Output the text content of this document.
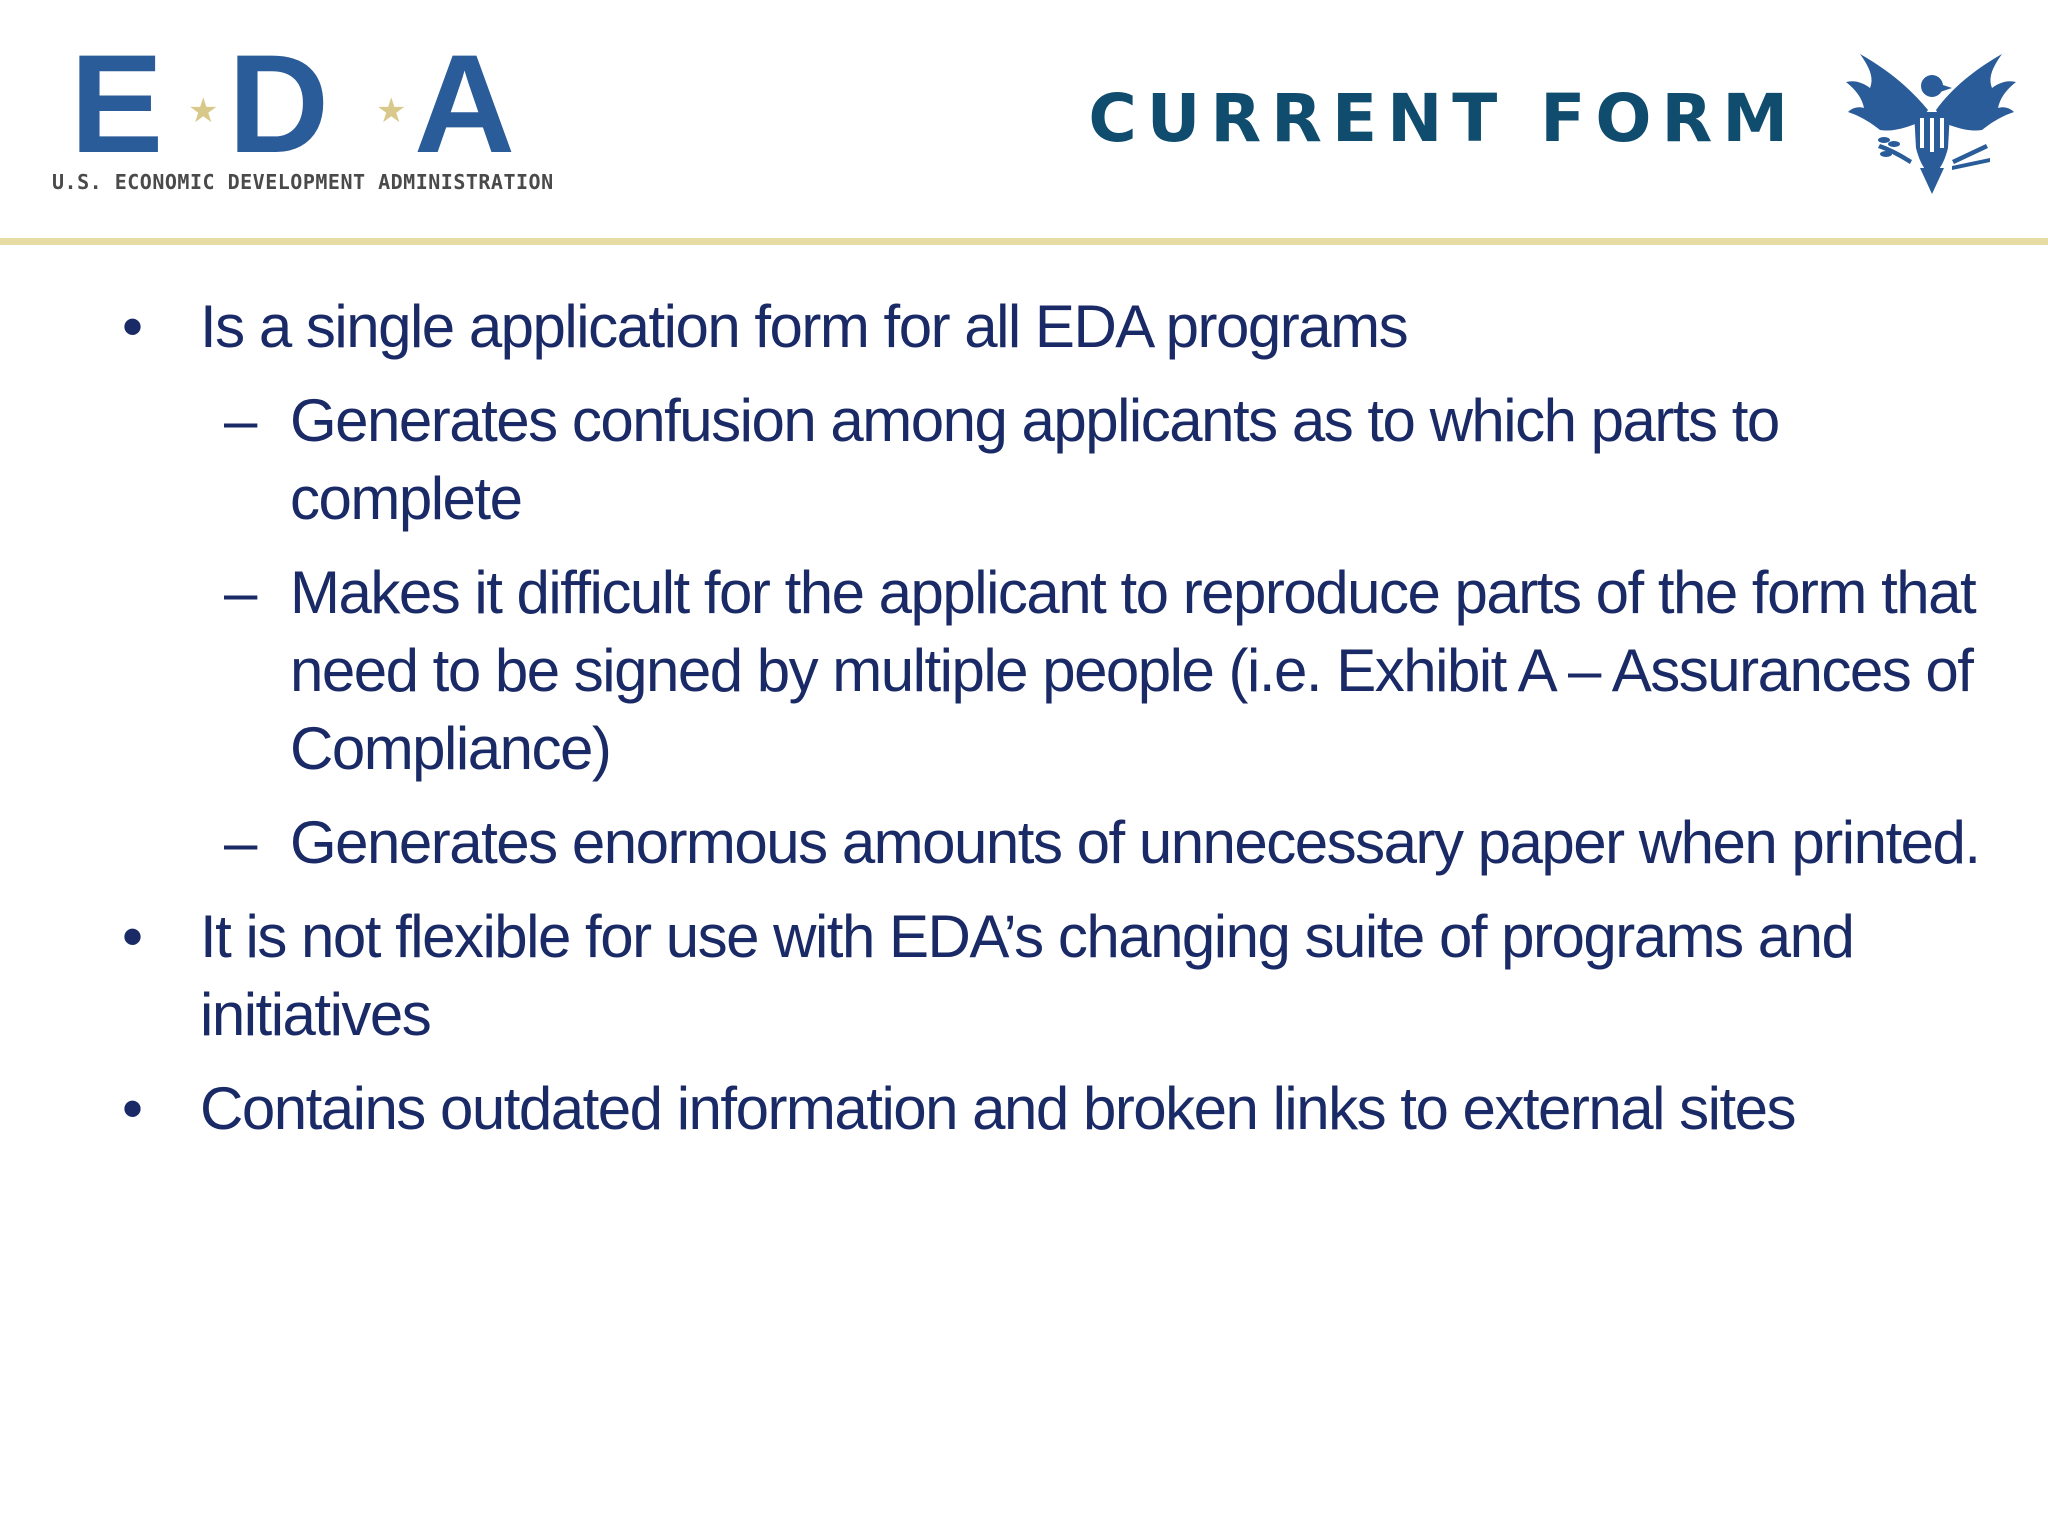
E ★ D ★ A
U.S. ECONOMIC DEVELOPMENT ADMINISTRATION
CURRENT FORM
• Is a single application form for all EDA programs
– Generates confusion among applicants as to which parts to
complete
– Makes it difficult for the applicant to reproduce parts of the form that
need to be signed by multiple people (i.e. Exhibit A – Assurances of
Compliance)
– Generates enormous amounts of unnecessary paper when printed.
• It is not flexible for use with EDA’s changing suite of programs and
initiatives
• Contains outdated information and broken links to external sites
